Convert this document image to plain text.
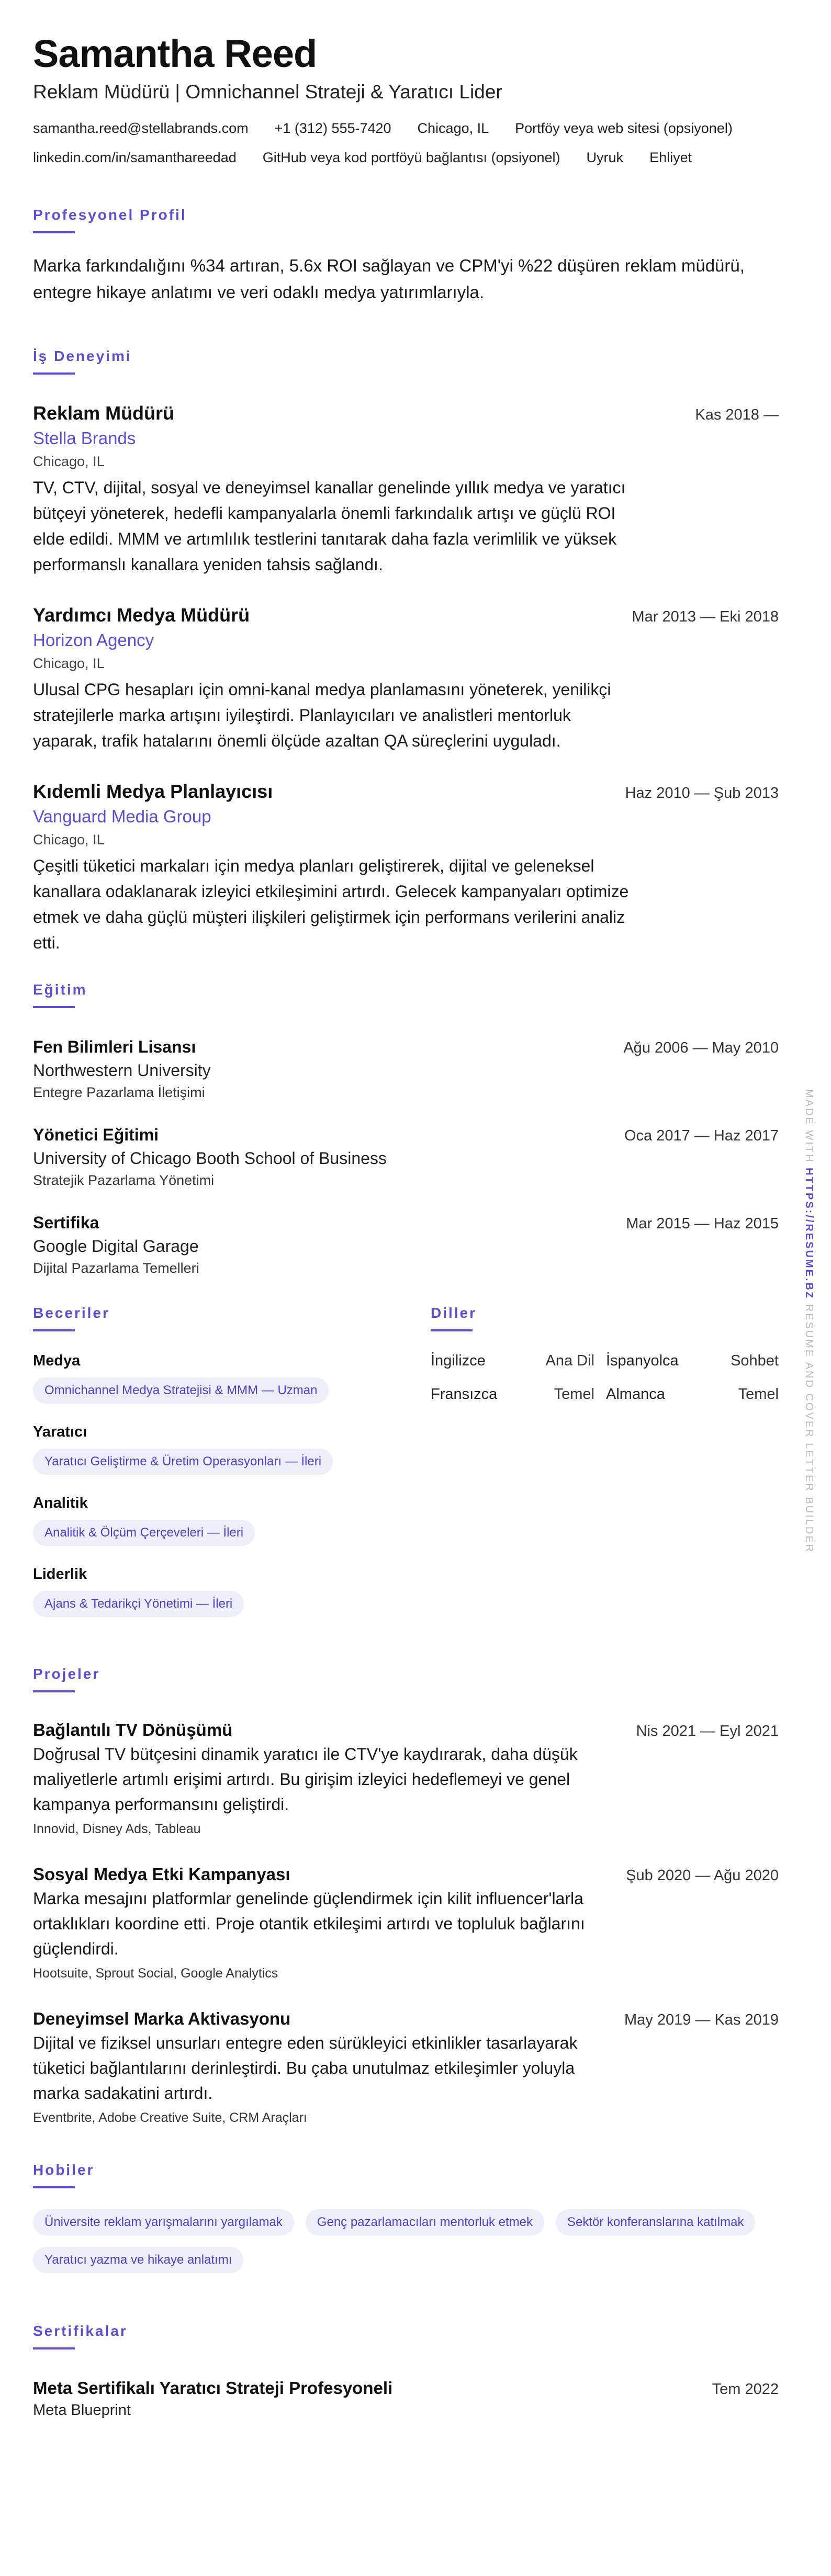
Samantha Reed
Reklam Müdürü | Omnichannel Strateji & Yaratıcı Lider
samantha.reed@stellabrands.com +1 (312) 555-7420 Chicago, IL Portföy veya web sitesi (opsiyonel)
linkedin.com/in/samanthareedad GitHub veya kod portföyü bağlantısı (opsiyonel) Uyruk Ehliyet
Profesyonel Profil

Marka farkındalığını %34 artıran, 5.6x ROI sağlayan ve CPM'yi %22 düşüren reklam müdürü, entegre hikaye anlatımı ve veri odaklı medya yatırımlarıyla.

İş Deneyimi
Reklam Müdürü	Kas 2018 —
Stella Brands
Chicago, IL

TV, CTV, dijital, sosyal ve deneyimsel kanallar genelinde yıllık medya ve yaratıcı bütçeyi yöneterek, hedefli kampanyalarla önemli farkındalık artışı ve güçlü ROI elde edildi. MMM ve artımlılık testlerini tanıtarak daha fazla verimlilik ve yüksek performanslı kanallara yeniden tahsis sağlandı.

Yardımcı Medya Müdürü	Mar 2013 — Eki 2018
Horizon Agency
Chicago, IL

Ulusal CPG hesapları için omni-kanal medya planlamasını yöneterek, yenilikçi stratejilerle marka artışını iyileştirdi. Planlayıcıları ve analistleri mentorluk yaparak, trafik hatalarını önemli ölçüde azaltan QA süreçlerini uyguladı.

Kıdemli Medya Planlayıcısı	Haz 2010 — Şub 2013
Vanguard Media Group
Chicago, IL

Çeşitli tüketici markaları için medya planları geliştirerek, dijital ve geleneksel kanallara odaklanarak izleyici etkileşimini artırdı. Gelecek kampanyaları optimize etmek ve daha güçlü müşteri ilişkileri geliştirmek için performans verilerini analiz etti.

Eğitim
Fen Bilimleri Lisansı	Ağu 2006 — May 2010
Northwestern University
Entegre Pazarlama İletişimi
Yönetici Eğitimi	Oca 2017 — Haz 2017
University of Chicago Booth School of Business
Stratejik Pazarlama Yönetimi
Sertifika	Mar 2015 — Haz 2015
Google Digital Garage
Dijital Pazarlama Temelleri
Beceriler
Medya
Omnichannel Medya Stratejisi & MMM — Uzman
Yaratıcı
Yaratıcı Geliştirme & Üretim Operasyonları — İleri
Analitik
Analitik & Ölçüm Çerçeveleri — İleri
Liderlik
Ajans & Tedarikçi Yönetimi — İleri
Diller
İngilizce	Ana Dil İspanyolca	Sohbet
Fransızca	Temel Almanca	Temel
Projeler
Bağlantılı TV Dönüşümü	Nis 2021 — Eyl 2021

Doğrusal TV bütçesini dinamik yaratıcı ile CTV'ye kaydırarak, daha düşük maliyetlerle artımlı erişimi artırdı. Bu girişim izleyici hedeflemeyi ve genel kampanya performansını geliştirdi.

Innovid, Disney Ads, Tableau
Sosyal Medya Etki Kampanyası	Şub 2020 — Ağu 2020

Marka mesajını platformlar genelinde güçlendirmek için kilit influencer'larla ortaklıkları koordine etti. Proje otantik etkileşimi artırdı ve topluluk bağlarını güçlendirdi.

Hootsuite, Sprout Social, Google Analytics
Deneyimsel Marka Aktivasyonu	May 2019 — Kas 2019

Dijital ve fiziksel unsurları entegre eden sürükleyici etkinlikler tasarlayarak tüketici bağlantılarını derinleştirdi. Bu çaba unutulmaz etkileşimler yoluyla marka sadakatini artırdı.

Eventbrite, Adobe Creative Suite, CRM Araçları
Hobiler
Üniversite reklam yarışmalarını yargılamak	Genç pazarlamacıları mentorluk etmek	Sektör konferanslarına katılmak
Yaratıcı yazma ve hikaye anlatımı
Sertifikalar
Meta Sertifikalı Yaratıcı Strateji Profesyoneli	Tem 2022
Meta Blueprint
MADE WITH HTTPS://RESUME.BZ RESUME AND COVER LETTER BUILDER
